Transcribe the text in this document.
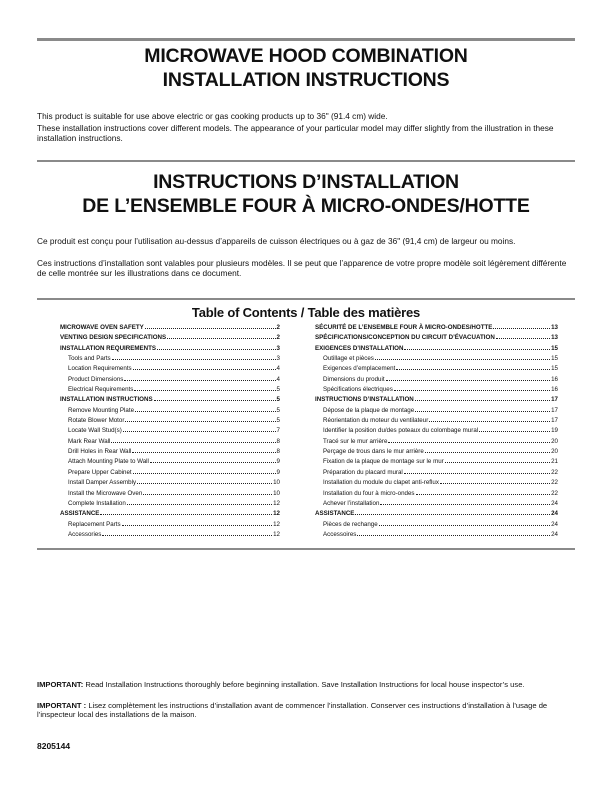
MICROWAVE HOOD COMBINATION
INSTALLATION INSTRUCTIONS

This product is suitable for use above electric or gas cooking products up to 36" (91.4 cm) wide.

These installation instructions cover different models. The appearance of your particular model may differ slightly from the illustration in these installation instructions.

INSTRUCTIONS D’INSTALLATION
DE L’ENSEMBLE FOUR À MICRO-ONDES/HOTTE

Ce produit est conçu pour l’utilisation au-dessus d’appareils de cuisson électriques ou à gaz de 36" (91,4 cm) de largeur ou moins.

Ces instructions d’installation sont valables pour plusieurs modèles. Il se peut que l’apparence de votre propre modèle soit légèrement différente de celle montrée sur les illustrations dans ce document.

Table of Contents / Table des matières
MICROWAVE OVEN SAFETY	2
VENTING DESIGN SPECIFICATIONS	2
INSTALLATION REQUIREMENTS	3
Tools and Parts	3
Location Requirements	4
Product Dimensions	4
Electrical Requirements	5
INSTALLATION INSTRUCTIONS	5
Remove Mounting Plate	5
Rotate Blower Motor	5
Locate Wall Stud(s)	7
Mark Rear Wall	8
Drill Holes in Rear Wall	8
Attach Mounting Plate to Wall	9
Prepare Upper Cabinet	9
Install Damper Assembly	10
Install the Microwave Oven	10
Complete Installation	12
ASSISTANCE	12
Replacement Parts	12
Accessories	12
SÉCURITÉ DE L’ENSEMBLE FOUR À MICRO-ONDES/HOTTE	13
SPÉCIFICATIONS/CONCEPTION DU CIRCUIT D’ÉVACUATION	13
EXIGENCES D’INSTALLATION	15
Outillage et pièces	15
Exigences d’emplacement	15
Dimensions du produit	16
Spécifications électriques	16
INSTRUCTIONS D’INSTALLATION	17
Dépose de la plaque de montage	17
Réorientation du moteur du ventilateur	17
Identifier la position du/des poteaux du colombage mural	19
Tracé sur le mur arrière	20
Perçage de trous dans le mur arrière	20
Fixation de la plaque de montage sur le mur	21
Préparation du placard mural	22
Installation du module du clapet anti-reflux	22
Installation du four à micro-ondes	22
Achever l’installation	24
ASSISTANCE	24
Pièces de rechange	24
Accessoires	24

IMPORTANT: Read Installation Instructions thoroughly before beginning installation. Save Installation Instructions for local house inspector’s use.

IMPORTANT : Lisez complètement les instructions d’installation avant de commencer l’installation. Conserver ces instructions d’installation à l’usage de l’inspecteur local des installations de la maison.

8205144
